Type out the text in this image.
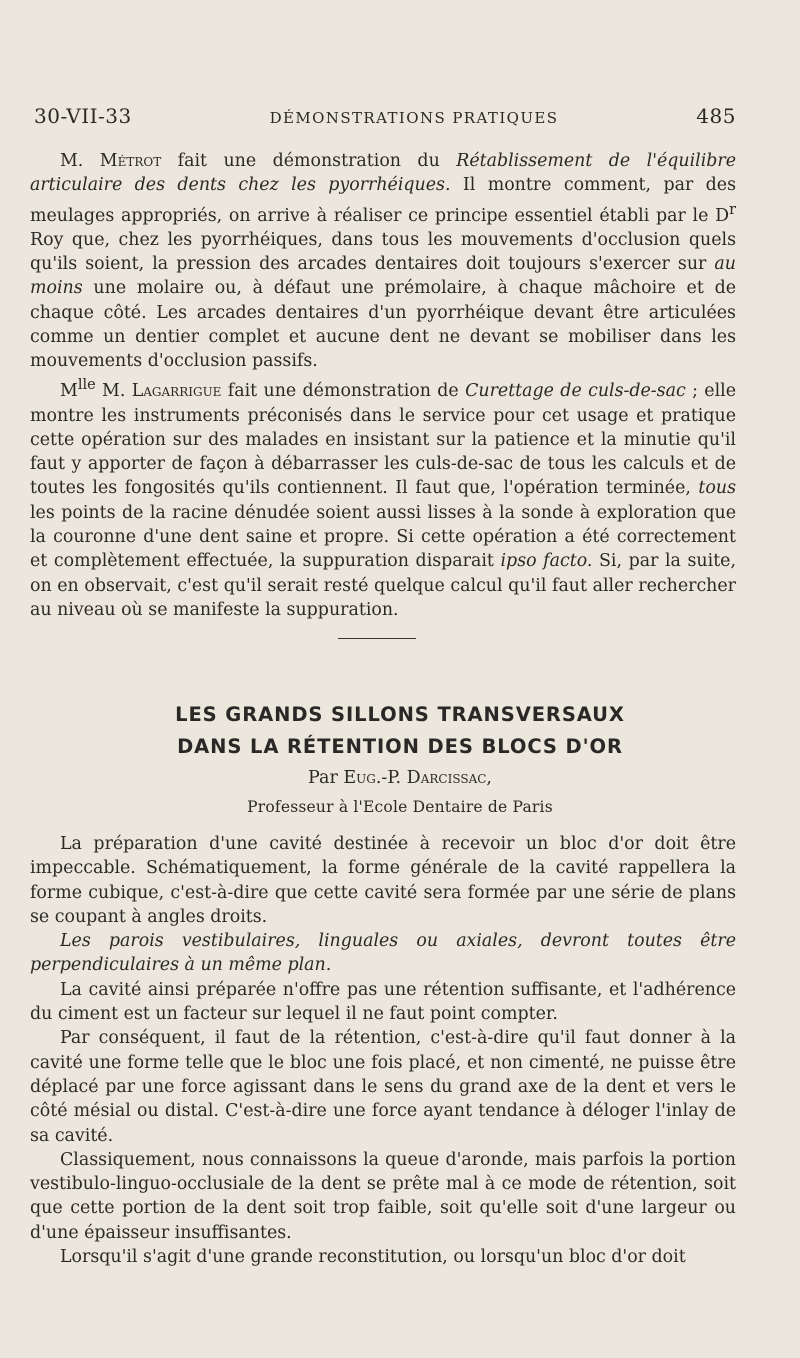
30-VII-33	DÉMONSTRATIONS PRATIQUES	485

M. Métrot fait une démonstration du Rétablissement de l'équilibre articulaire des dents chez les pyorrhéiques. Il montre comment, par des meulages appropriés, on arrive à réaliser ce principe essentiel établi par le $D^r$ Roy que, chez les pyorrhéiques, dans tous les mouvements d'occlusion quels qu'ils soient, la pression des arcades dentaires doit toujours s'exercer sur au moins une molaire ou, à défaut une prémolaire, à chaque mâchoire et de chaque côté. Les arcades dentaires d'un pyorrhéique devant être articulées comme un dentier complet et aucune dent ne devant se mobiliser dans les mouvements d'occlusion passifs.

$M^{lle}$ M. Lagarrigue fait une démonstration de Curettage de culs-de-sac ; elle montre les instruments préconisés dans le service pour cet usage et pratique cette opération sur des malades en insistant sur la patience et la minutie qu'il faut y apporter de façon à débarrasser les culs-de-sac de tous les calculs et de toutes les fongosités qu'ils contiennent. Il faut que, l'opération terminée, tous les points de la racine dénudée soient aussi lisses à la sonde à exploration que la couronne d'une dent saine et propre. Si cette opération a été correctement et complètement effectuée, la suppuration disparait ipso facto. Si, par la suite, on en observait, c'est qu'il serait resté quelque calcul qu'il faut aller rechercher au niveau où se manifeste la suppuration.

LES GRANDS SILLONS TRANSVERSAUX
DANS LA RÉTENTION DES BLOCS D'OR
Par Eug.-P. Darcissac,
Professeur à l'Ecole Dentaire de Paris

La préparation d'une cavité destinée à recevoir un bloc d'or doit être impeccable. Schématiquement, la forme générale de la cavité rappellera la forme cubique, c'est-à-dire que cette cavité sera formée par une série de plans se coupant à angles droits.

Les parois vestibulaires, linguales ou axiales, devront toutes être perpendiculaires à un même plan.

La cavité ainsi préparée n'offre pas une rétention suffisante, et l'adhérence du ciment est un facteur sur lequel il ne faut point compter.

Par conséquent, il faut de la rétention, c'est-à-dire qu'il faut donner à la cavité une forme telle que le bloc une fois placé, et non cimenté, ne puisse être déplacé par une force agissant dans le sens du grand axe de la dent et vers le côté mésial ou distal. C'est-à-dire une force ayant tendance à déloger l'inlay de sa cavité.

Classiquement, nous connaissons la queue d'aronde, mais parfois la portion vestibulo-linguo-occlusiale de la dent se prête mal à ce mode de rétention, soit que cette portion de la dent soit trop faible, soit qu'elle soit d'une largeur ou d'une épaisseur insuffisantes.

Lorsqu'il s'agit d'une grande reconstitution, ou lorsqu'un bloc d'or doit
